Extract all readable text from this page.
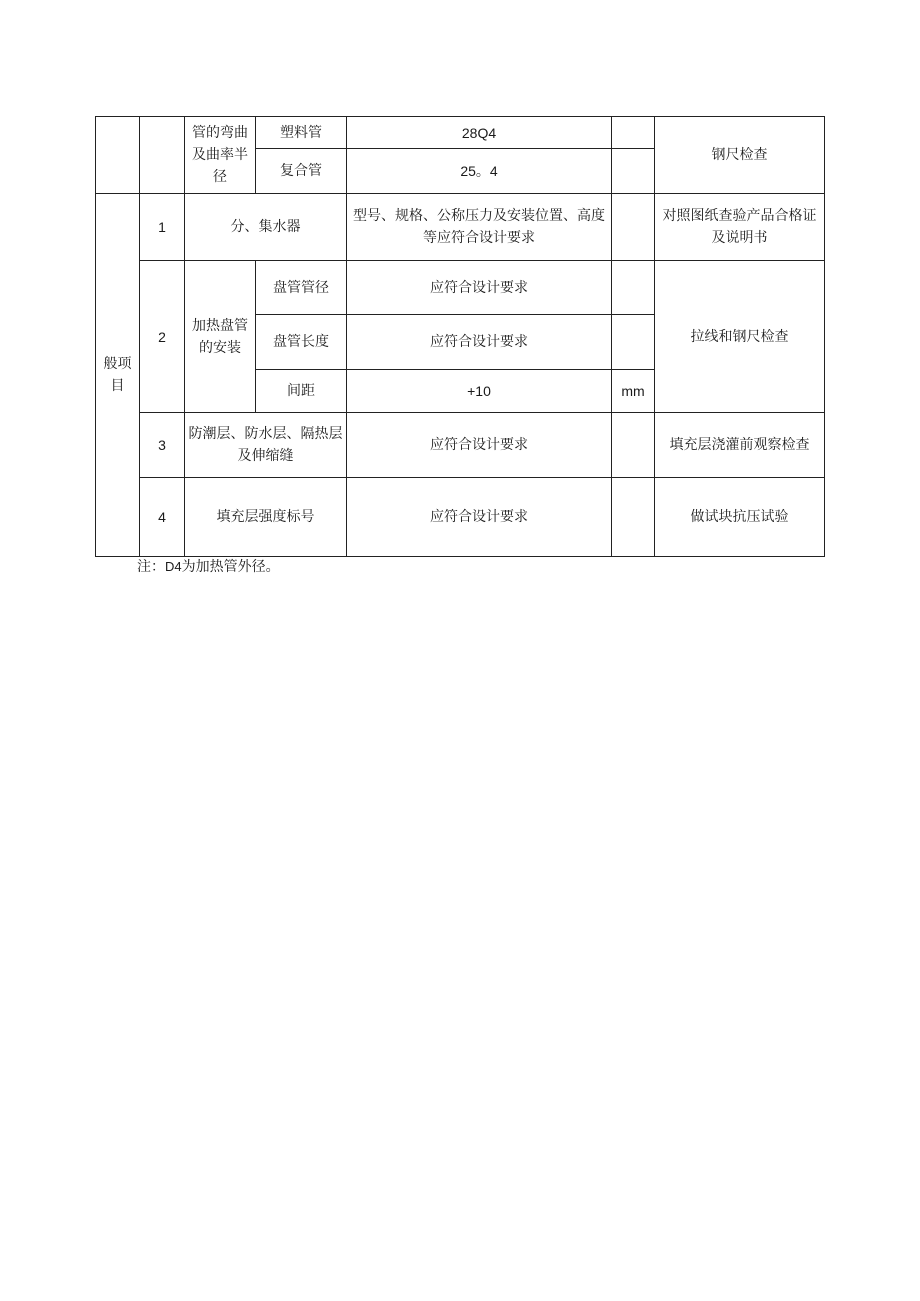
		管的弯曲及曲率半径	塑料管	28Q4		钢尺检查
			复合管	25。4		
般项目	1	分、集水器		型号、规格、公称压力及安装位置、高度等应符合设计要求		对照图纸查验产品合格证及说明书
	2	加热盘管的安装	盘管管径	应符合设计要求		拉线和钢尺检查
			盘管长度	应符合设计要求		
			间距	+10	mm	
	3	防潮层、防水层、隔热层及伸缩缝		应符合设计要求		填充层浇灌前观察检查
	4	填充层强度标号		应符合设计要求		做试块抗压试验
注：D4为加热管外径。
